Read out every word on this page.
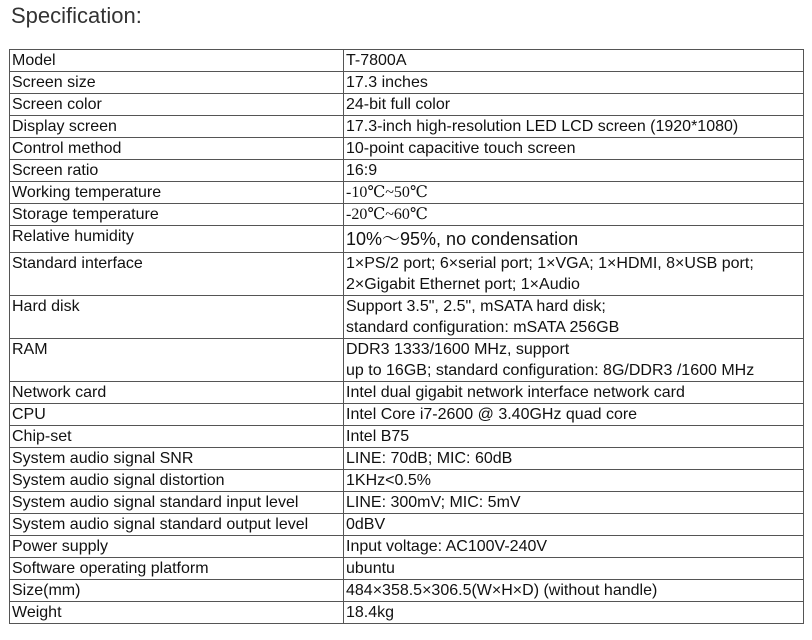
Specification:
Model	T-7800A

Screen size	17.3 inches

Screen color	24-bit full color

Display screen	17.3-inch high-resolution LED LCD screen (1920*1080)

Control method	10-point capacitive touch screen

Screen ratio	16:9

Working temperature	-10℃~50℃

Storage temperature	-20℃~60℃

Relative humidity	10%～95%, no condensation

Standard interface	1×PS/2 port; 6×serial port; 1×VGA; 1×HDMI, 8×USB port;
2×Gigabit Ethernet port; 1×Audio

Hard disk	Support 3.5", 2.5", mSATA hard disk;
standard configuration: mSATA 256GB

RAM	DDR3 1333/1600 MHz, support
up to 16GB; standard configuration: 8G/DDR3 /1600 MHz

Network card	Intel dual gigabit network interface network card

CPU	Intel Core i7-2600 @ 3.40GHz quad core

Chip-set	Intel B75

System audio signal SNR	LINE: 70dB; MIC: 60dB

System audio signal distortion	1KHz<0.5%

System audio signal standard input level	LINE: 300mV; MIC: 5mV

System audio signal standard output level	0dBV

Power supply	Input voltage: AC100V-240V

Software operating platform	ubuntu

Size(mm)	484×358.5×306.5(W×H×D) (without handle)

Weight	18.4kg
